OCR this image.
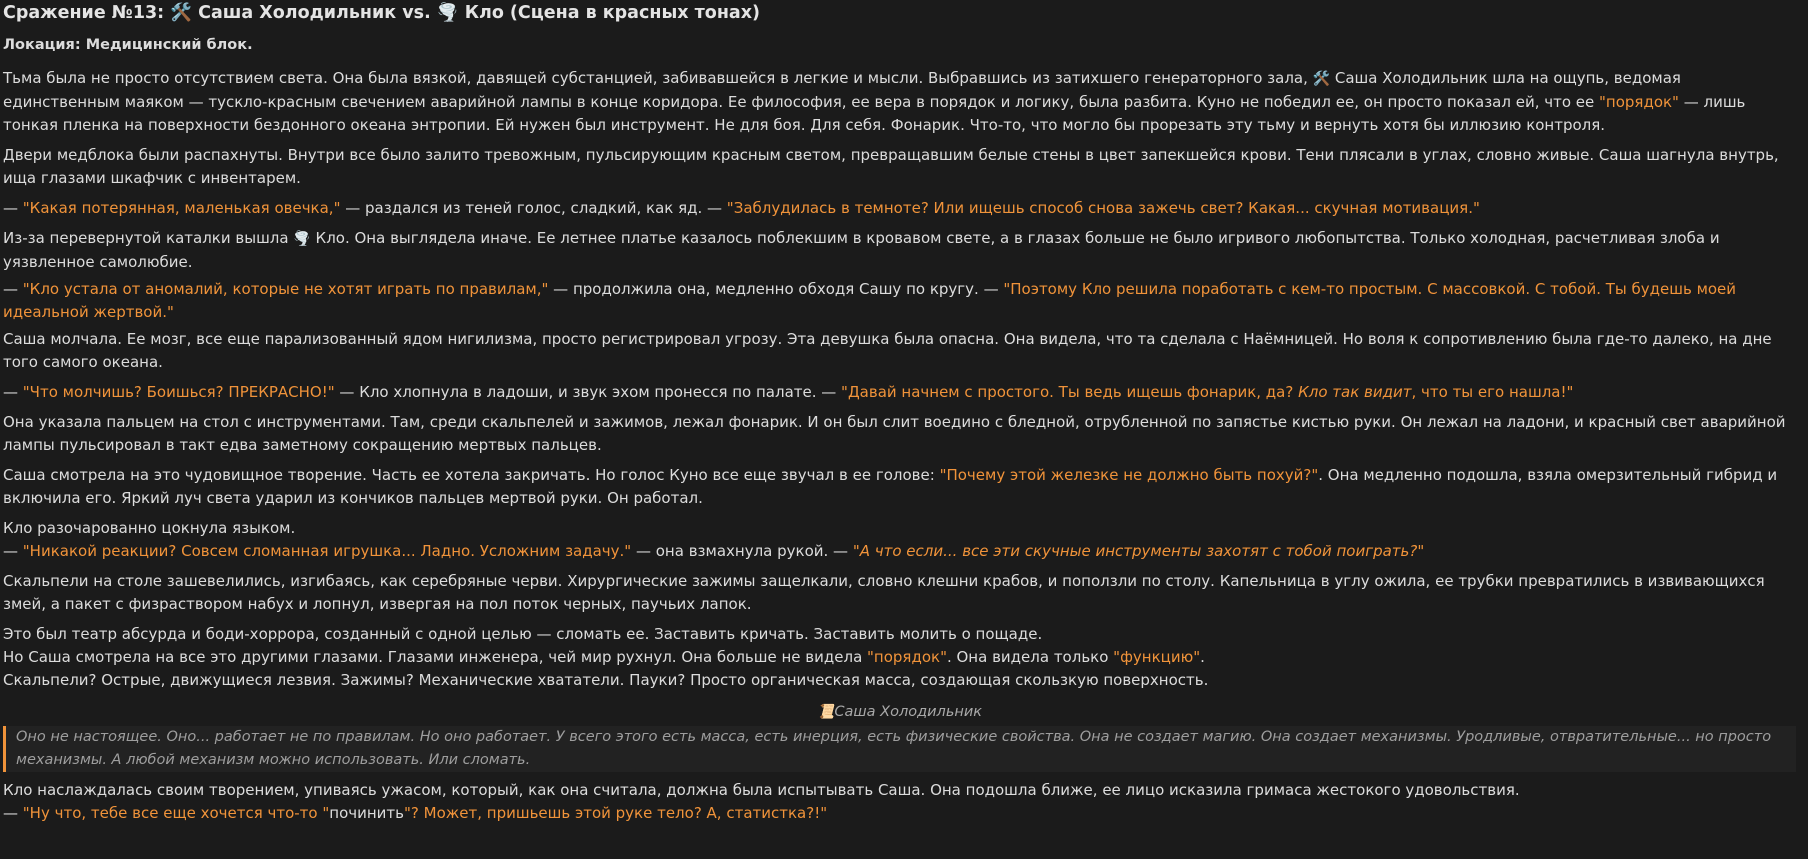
Сражение №13: 🛠️ Саша Холодильник vs. 🌪️ Кло (Сцена в красных тонах)

Локация: Медицинский блок.

Тьма была не просто отсутствием света. Она была вязкой, давящей субстанцией, забивавшейся в легкие и мысли. Выбравшись из затихшего генераторного зала, 🛠️ Саша Холодильник шла на ощупь, ведомая единственным маяком — тускло-красным свечением аварийной лампы в конце коридора. Ее философия, ее вера в порядок и логику, была разбита. Куно не победил ее, он просто показал ей, что ее "порядок" — лишь тонкая пленка на поверхности бездонного океана энтропии. Ей нужен был инструмент. Не для боя. Для себя. Фонарик. Что-то, что могло бы прорезать эту тьму и вернуть хотя бы иллюзию контроля.

Двери медблока были распахнуты. Внутри все было залито тревожным, пульсирующим красным светом, превращавшим белые стены в цвет запекшейся крови. Тени плясали в углах, словно живые. Саша шагнула внутрь, ища глазами шкафчик с инвентарем.

— "Какая потерянная, маленькая овечка," — раздался из теней голос, сладкий, как яд. — "Заблудилась в темноте? Или ищешь способ снова зажечь свет? Какая... скучная мотивация."

Из-за перевернутой каталки вышла 🌪️ Кло. Она выглядела иначе. Ее летнее платье казалось поблекшим в кровавом свете, а в глазах больше не было игривого любопытства. Только холодная, расчетливая злоба и уязвленное самолюбие.

— "Кло устала от аномалий, которые не хотят играть по правилам," — продолжила она, медленно обходя Сашу по кругу. — "Поэтому Кло решила поработать с кем-то простым. С массовкой. С тобой. Ты будешь моей идеальной жертвой."

Саша молчала. Ее мозг, все еще парализованный ядом нигилизма, просто регистрировал угрозу. Эта девушка была опасна. Она видела, что та сделала с Наёмницей. Но воля к сопротивлению была где-то далеко, на дне того самого океана.

— "Что молчишь? Боишься? ПРЕКРАСНО!" — Кло хлопнула в ладоши, и звук эхом пронесся по палате. — "Давай начнем с простого. Ты ведь ищешь фонарик, да? Кло так видит, что ты его нашла!"

Она указала пальцем на стол с инструментами. Там, среди скальпелей и зажимов, лежал фонарик. И он был слит воедино с бледной, отрубленной по запястье кистью руки. Он лежал на ладони, и красный свет аварийной лампы пульсировал в такт едва заметному сокращению мертвых пальцев.

Саша смотрела на это чудовищное творение. Часть ее хотела закричать. Но голос Куно все еще звучал в ее голове: "Почему этой железке не должно быть похуй?". Она медленно подошла, взяла омерзительный гибрид и включила его. Яркий луч света ударил из кончиков пальцев мертвой руки. Он работал.

Кло разочарованно цокнула языком.

— "Никакой реакции? Совсем сломанная игрушка... Ладно. Усложним задачу." — она взмахнула рукой. — "А что если... все эти скучные инструменты захотят с тобой поиграть?"

Скальпели на столе зашевелились, изгибаясь, как серебряные черви. Хирургические зажимы защелкали, словно клешни крабов, и поползли по столу. Капельница в углу ожила, ее трубки превратились в извивающихся змей, а пакет с физраствором набух и лопнул, извергая на пол поток черных, паучьих лапок.

Это был театр абсурда и боди-хоррора, созданный с одной целью — сломать ее. Заставить кричать. Заставить молить о пощаде.

Но Саша смотрела на все это другими глазами. Глазами инженера, чей мир рухнул. Она больше не видела "порядок". Она видела только "функцию".

Скальпели? Острые, движущиеся лезвия. Зажимы? Механические хвататели. Пауки? Просто органическая масса, создающая скользкую поверхность.

📜Саша Холодильник
Оно не настоящее. Оно... работает не по правилам. Но оно работает. У всего этого есть масса, есть инерция, есть физические свойства. Она не создает магию. Она создает механизмы. Уродливые, отвратительные... но просто механизмы. А любой механизм можно использовать. Или сломать.

Кло наслаждалась своим творением, упиваясь ужасом, который, как она считала, должна была испытывать Саша. Она подошла ближе, ее лицо исказила гримаса жестокого удовольствия.

— "Ну что, тебе все еще хочется что-то "починить"? Может, пришьешь этой руке тело? А, статистка?!"
